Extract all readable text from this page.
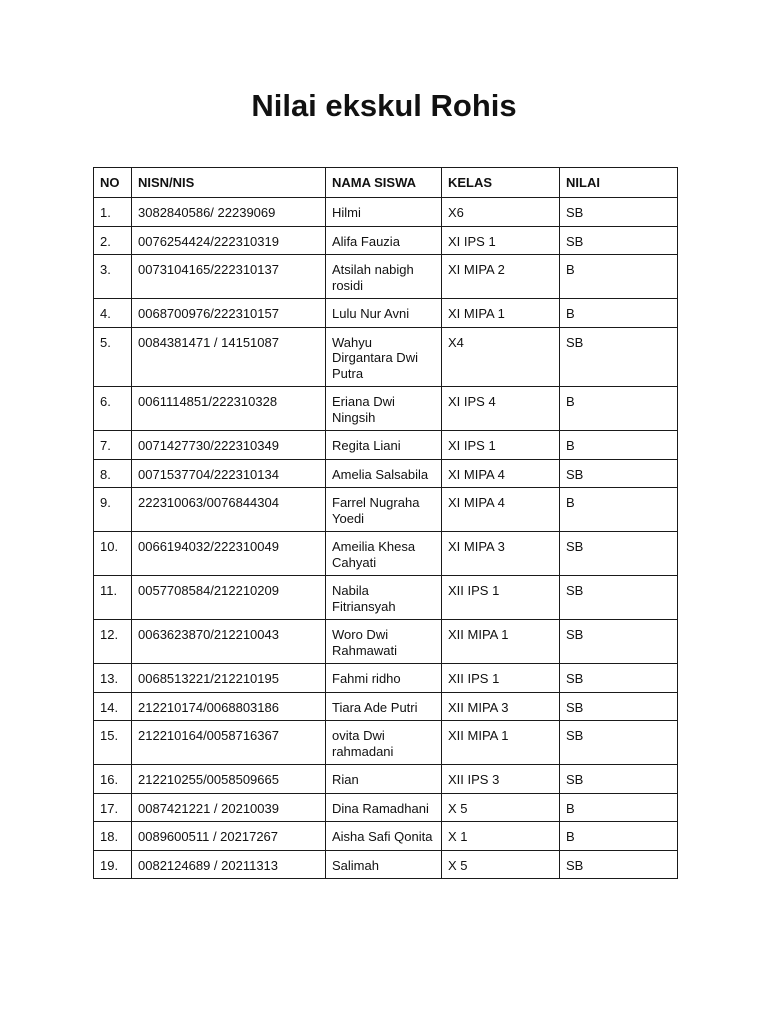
Nilai ekskul Rohis
NO	NISN/NIS	NAMA SISWA	KELAS	NILAI
1.	3082840586/ 22239069	Hilmi	X6	SB
2.	0076254424/222310319	Alifa Fauzia	XI IPS 1	SB
3.	0073104165/222310137	Atsilah nabigh rosidi	XI MIPA 2	B
4.	0068700976/222310157	Lulu Nur Avni	XI MIPA 1	B
5.	0084381471 / 14151087	Wahyu Dirgantara Dwi Putra	X4	SB
6.	0061114851/222310328	Eriana Dwi Ningsih	XI IPS 4	B
7.	0071427730/222310349	Regita Liani	XI IPS 1	B
8.	0071537704/222310134	Amelia Salsabila	XI MIPA 4	SB
9.	222310063/0076844304	Farrel Nugraha Yoedi	XI MIPA 4	B
10.	0066194032/222310049	Ameilia Khesa Cahyati	XI MIPA 3	SB
11.	0057708584/212210209	Nabila Fitriansyah	XII IPS 1	SB
12.	0063623870/212210043	Woro Dwi Rahmawati	XII MIPA 1	SB
13.	0068513221/212210195	Fahmi ridho	XII IPS 1	SB
14.	212210174/0068803186	Tiara Ade Putri	XII MIPA 3	SB
15.	212210164/0058716367	ovita Dwi rahmadani	XII MIPA 1	SB
16.	212210255/0058509665	Rian	XII IPS 3	SB
17.	0087421221 / 20210039	Dina Ramadhani	X 5	B
18.	0089600511 / 20217267	Aisha Safi Qonita	X 1	B
19.	0082124689 / 20211313	Salimah	X 5	SB
